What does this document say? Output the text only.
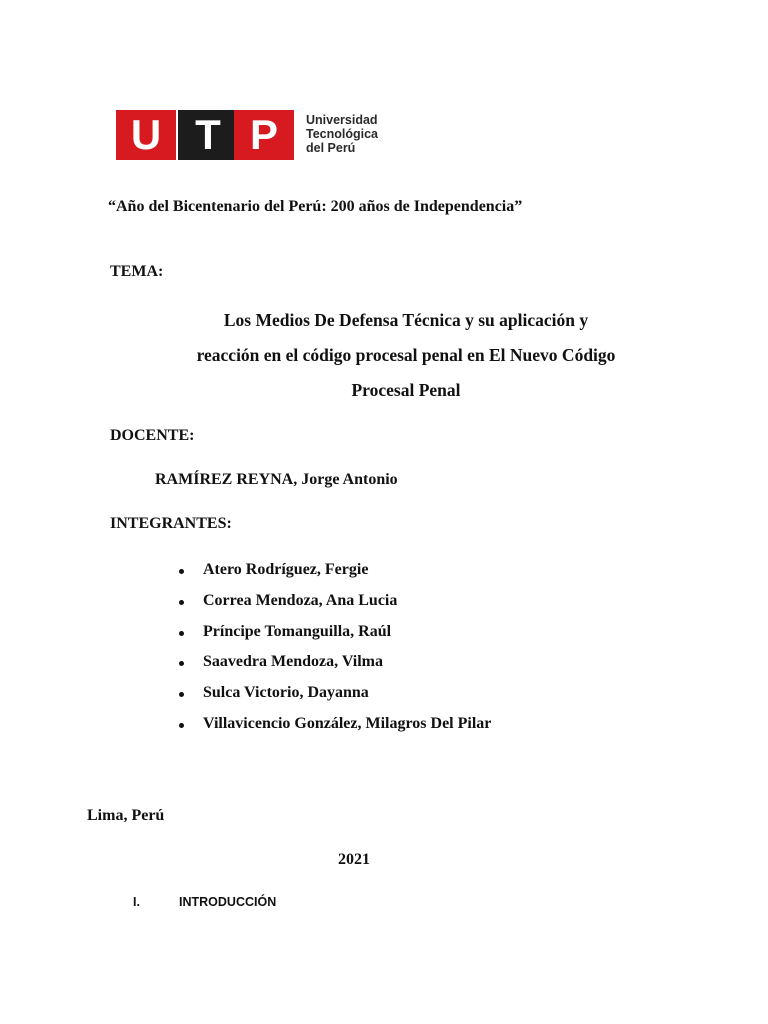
U T P	Universidad
Tecnológica
del Perú
“Año del Bicentenario del Perú: 200 años de Independencia”
TEMA:
Los Medios De Defensa Técnica y su aplicación y
reacción en el código procesal penal en El Nuevo Código
Procesal Penal
DOCENTE:
RAMÍREZ REYNA, Jorge Antonio
INTEGRANTES:
Atero Rodríguez, Fergie
Correa Mendoza, Ana Lucia
Príncipe Tomanguilla, Raúl
Saavedra Mendoza, Vilma
Sulca Victorio, Dayanna
Villavicencio González, Milagros Del Pilar
Lima, Perú
2021
I.	INTRODUCCIÓN
